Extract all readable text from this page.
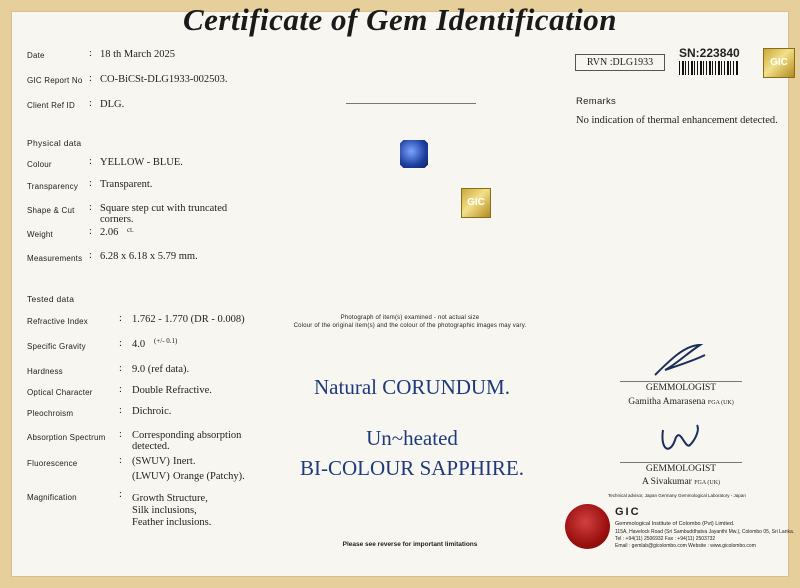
Certificate of Gem Identification
Date	: 18 th March 2025
GIC Report No : CO-BiCSt-DLG1933-002503.
Client Ref ID : DLG.
Physical data
Colour	: YELLOW - BLUE.
Transparency : Transparent.
Shape & Cut : Square step cut with truncated
corners.
Weight	: 2.06 ct.
Measurements : 6.28 x 6.18 x 5.79 mm.
Tested data
Refractive Index	: 1.762 - 1.770 (DR - 0.008)
Specific Gravity	: 4.0 (+/- 0.1)
Hardness	: 9.0 (ref data).
Optical Character	: Double Refractive.
Pleochroism	: Dichroic.
Absorption Spectrum : Corresponding absorption
detected.
Fluorescence	: (SWUV) Inert.
(LWUV) Orange (Patchy).
Magnification	: Growth Structure,
Silk inclusions,
Feather inclusions.
RVN :DLG1933
SN:223840
GIC
Remarks
No indication of thermal enhancement detected.
GIC
Photograph of item(s) examined - not actual size
Colour of the original item(s) and the colour of the photographic images may vary.
Natural CORUNDUM.
Un~heated
BI-COLOUR SAPPHIRE.
GEMMOLOGIST
Gamitha Amarasena FGA (UK)
GEMMOLOGIST
A Sivakumar FGA (UK)
Technical advisor, Japan Germany Gemmological Laboratory - Japan
GIC
Gemmological Institute of Colombo (Pvt) Limited.
115A, Havelock Road (Sri Sambuddhatva Jayanthi Mw.), Colombo 05, Sri Lanka.
Tel : +94(11) 2506932 Fax : +94(11) 2503732
Email : gemlab@gicolombo.com Website : www.gicolombo.com
Please see reverse for important limitations
